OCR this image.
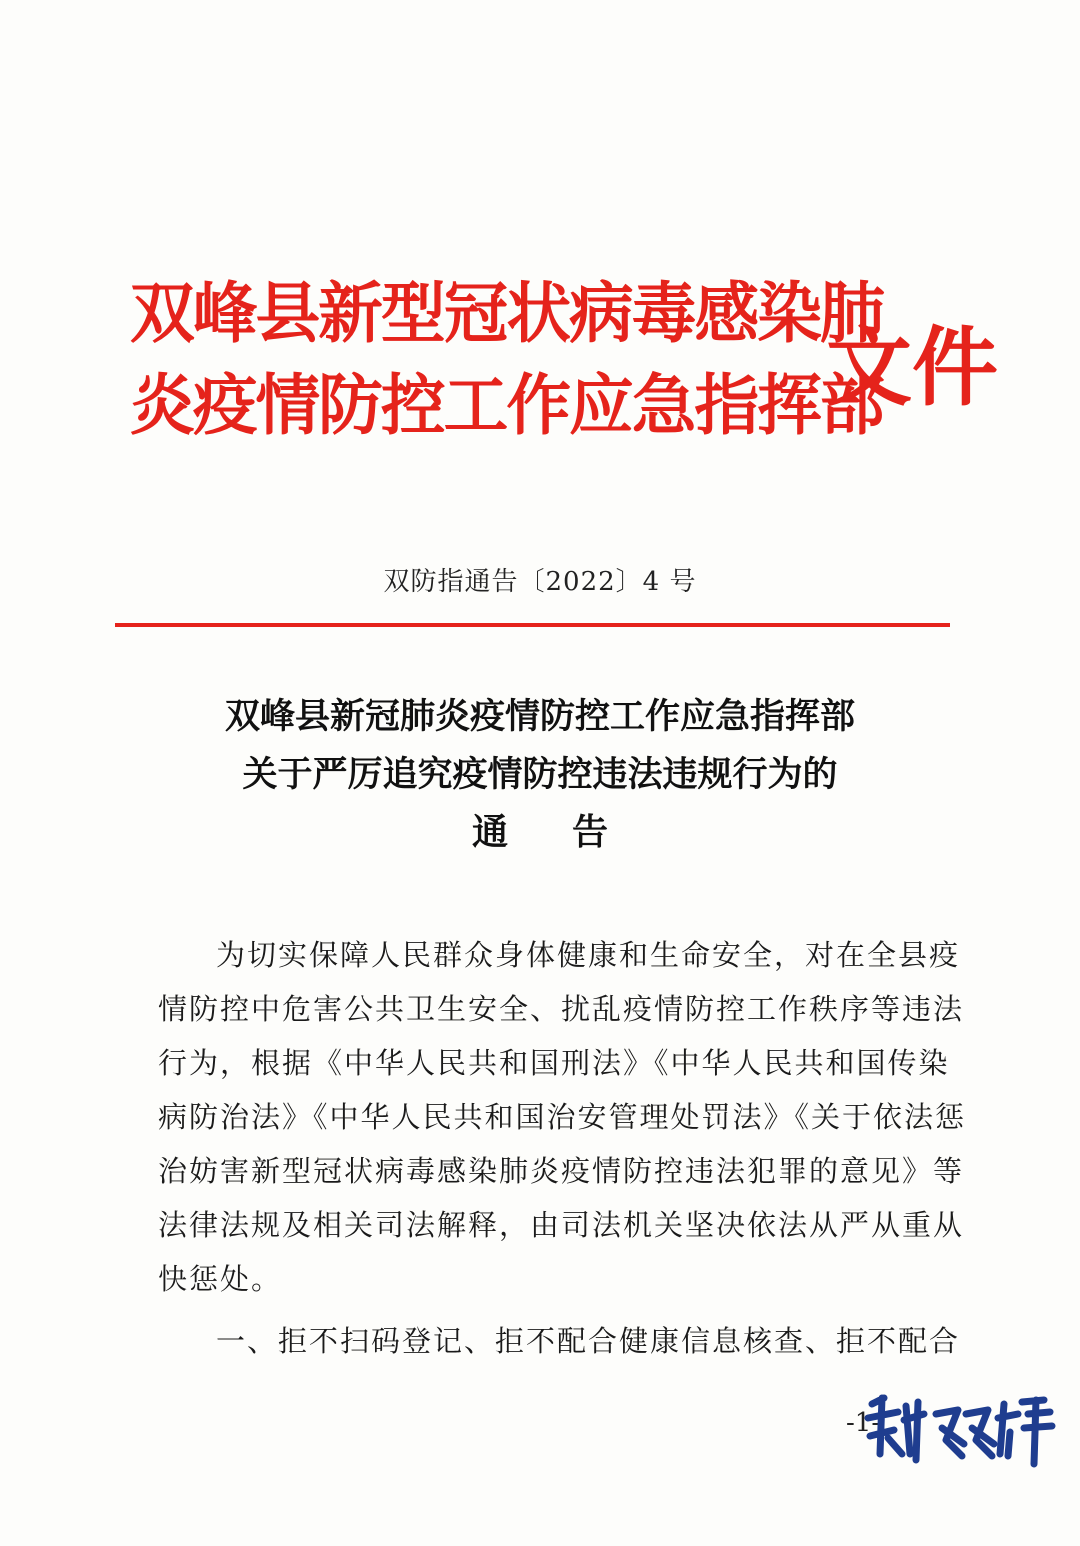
双峰县新型冠状病毒感染肺
炎疫情防控工作应急指挥部
文件
双防指通告〔2022〕4 号
双峰县新冠肺炎疫情防控工作应急指挥部
关于严厉追究疫情防控违法违规行为的
通告

为切实保障人民群众身体健康和生命安全，对在全县疫
情防控中危害公共卫生安全、扰乱疫情防控工作秩序等违法
行为，根据《中华人民共和国刑法》《中华人民共和国传染
病防治法》《中华人民共和国治安管理处罚法》《关于依法惩
治妨害新型冠状病毒感染肺炎疫情防控违法犯罪的意见》等
法律法规及相关司法解释，由司法机关坚决依法从严从重从
快惩处。

一、拒不扫码登记、拒不配合健康信息核查、拒不配合

-1-
